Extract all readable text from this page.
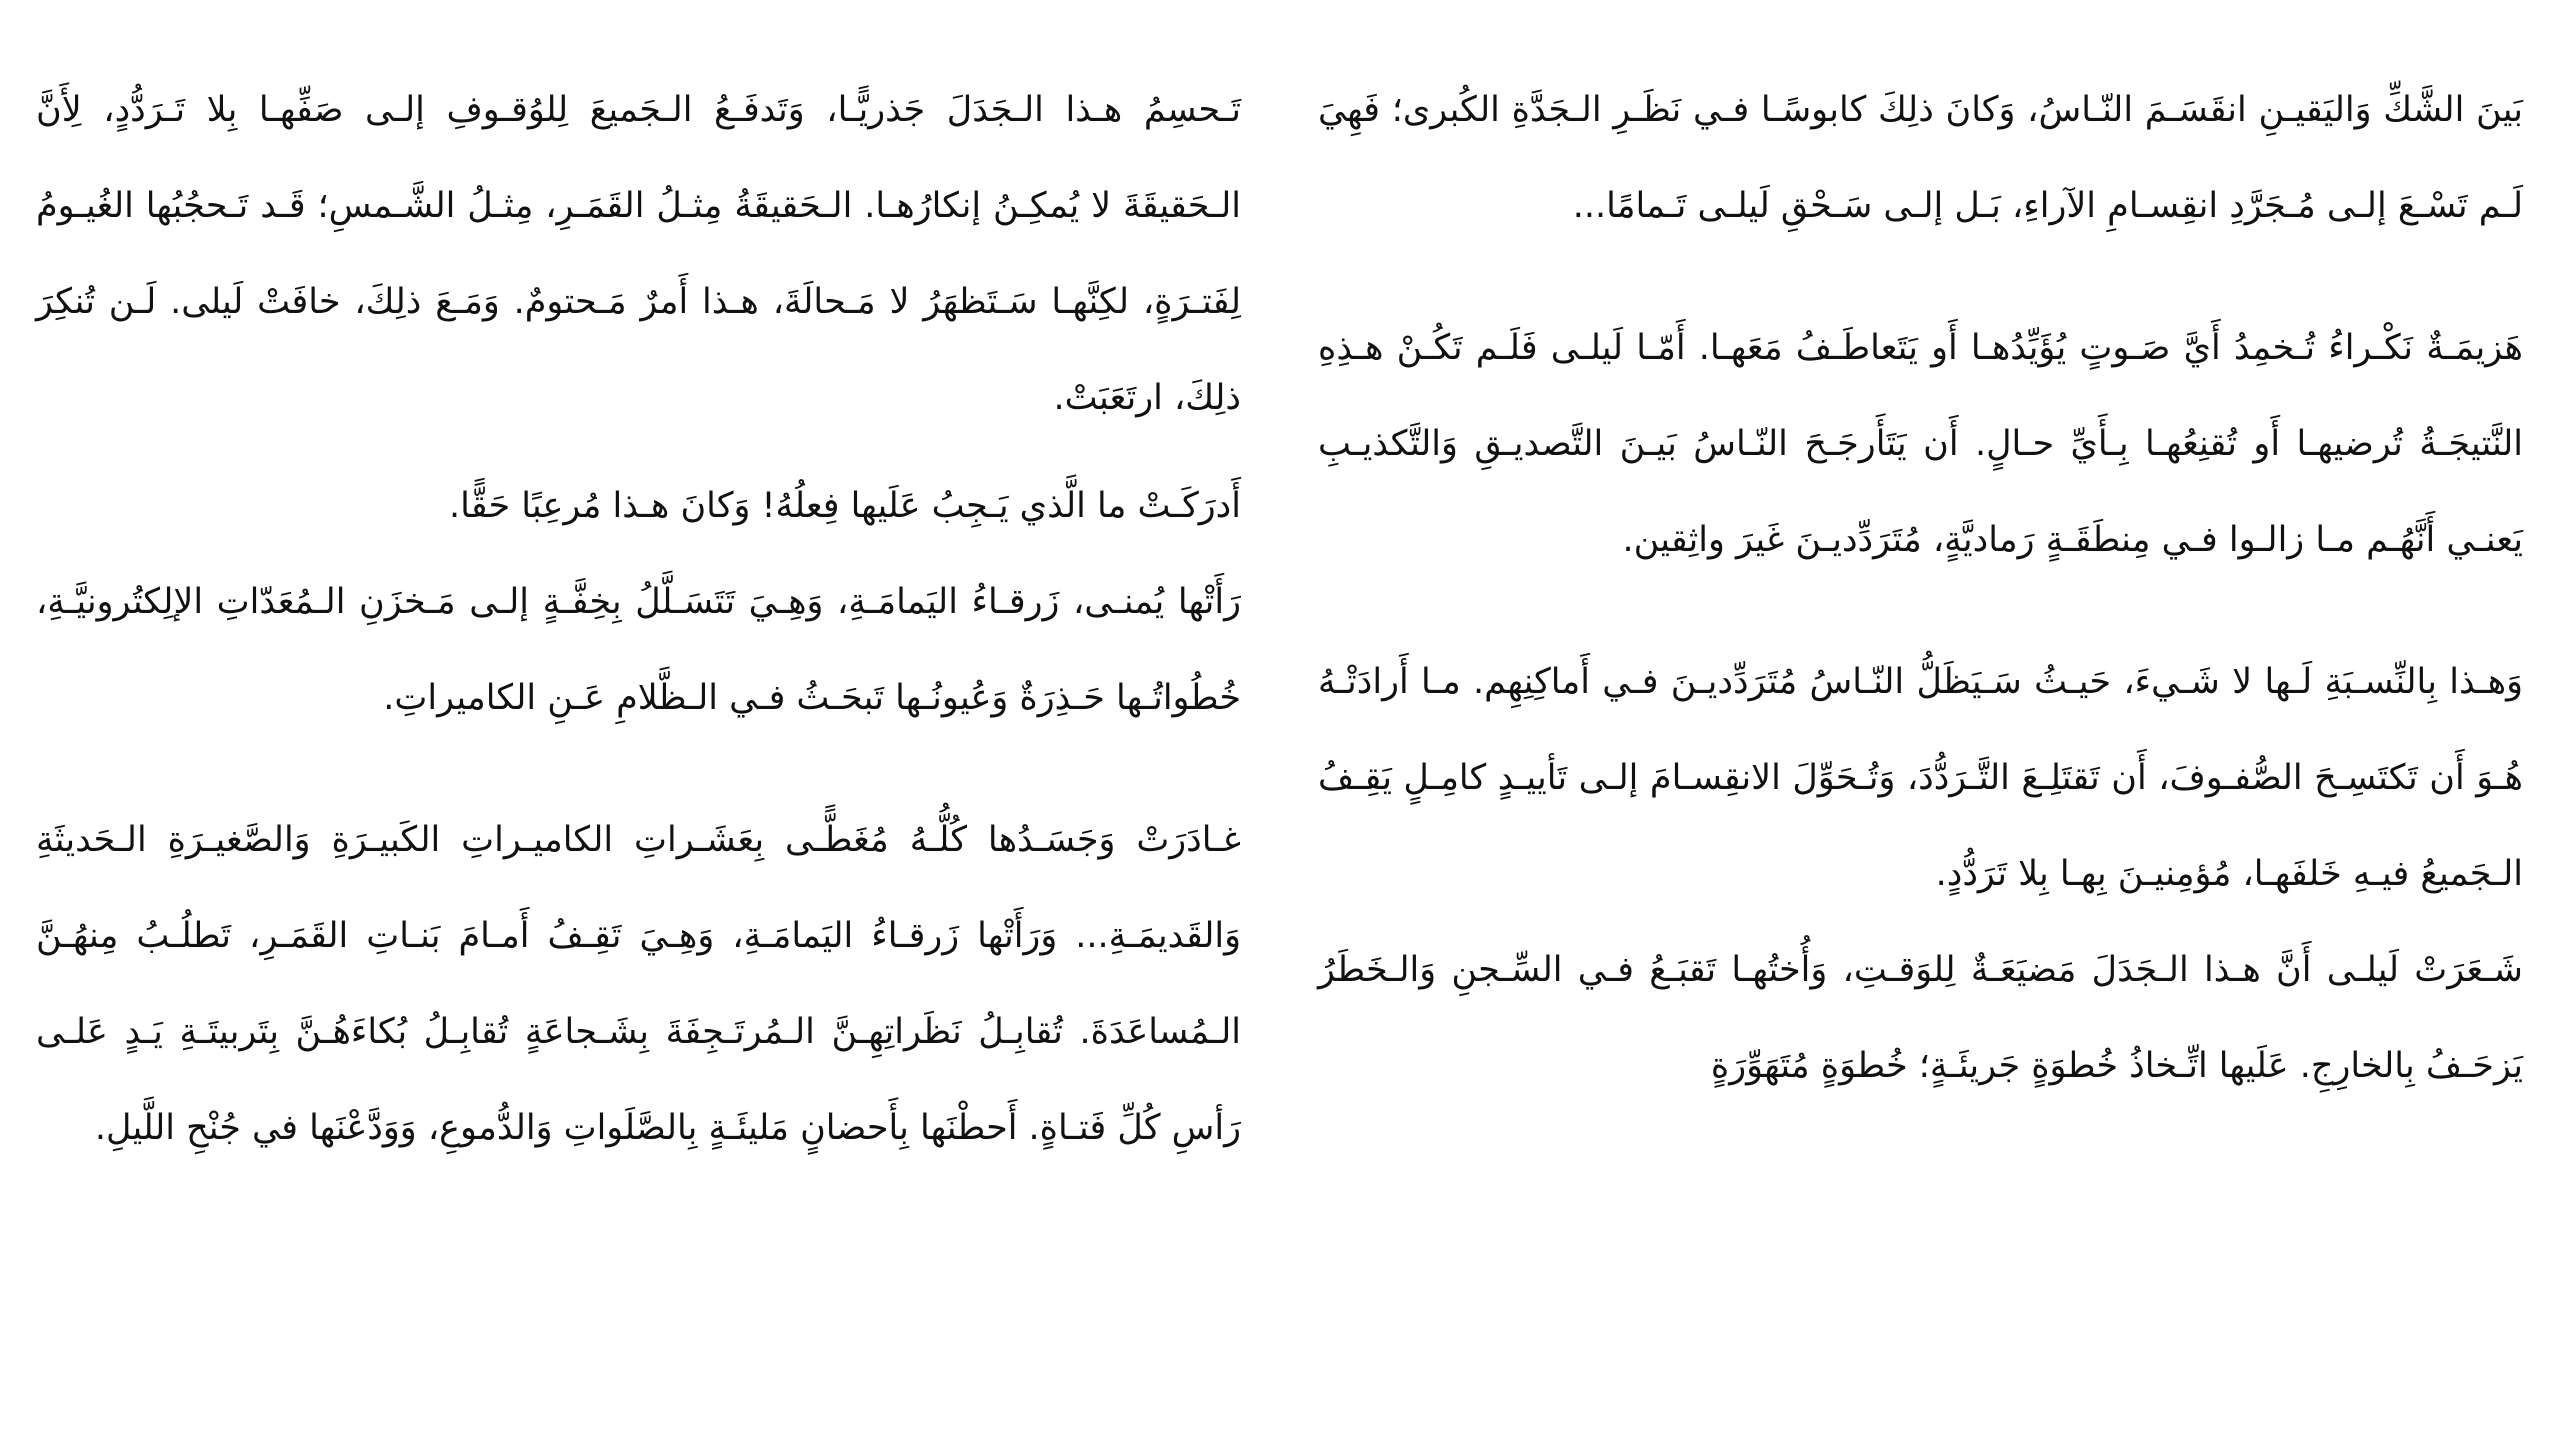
بَينَ الشَّكِّ وَاليَقيـنِ انقَسَـمَ النّـاسُ، وَكانَ ذلِكَ كابوسًـا فـي نَظَـرِ الـجَدَّةِ الكُبرى؛ فَهِيَ لَـم تَسْـعَ إلـى مُـجَرَّدِ انقِسـامِ الآراءِ، بَـل إلـى سَـحْقِ لَيلـى تَـمامًا...

هَزيمَـةٌ نَكْـراءُ تُـخمِدُ أَيَّ صَـوتٍ يُؤَيِّدُهـا أَو يَتَعاطَـفُ مَعَهـا. أَمّـا لَيلـى فَلَـم تَكُـنْ هـذِهِ النَّتيجَـةُ تُرضيهـا أَو تُقنِعُهـا بِـأَيِّ حـالٍ. أَن يَتَأَرجَـحَ النّـاسُ بَيـنَ التَّصديـقِ وَالتَّكذيـبِ يَعنـي أَنَّهُـم مـا زالـوا فـي مِنطَقَـةٍ رَماديَّةٍ، مُتَرَدِّديـنَ غَيرَ واثِقين.

وَهـذا بِالنِّسـبَةِ لَـها لا شَـيءَ، حَيـثُ سَـيَظَلُّ النّـاسُ مُتَرَدِّديـنَ فـي أَماكِنِهِم. مـا أَرادَتْـهُ هُـوَ أَن تَكتَسِـحَ الصُّفـوفَ، أَن تَقتَلِـعَ التَّـرَدُّدَ، وَتُـحَوِّلَ الانقِسـامَ إلـى تَأييـدٍ كامِـلٍ يَقِـفُ الـجَميعُ فيـهِ خَلفَهـا، مُؤمِنيـنَ بِهـا بِلا تَرَدُّدٍ.

شَـعَرَتْ لَيلـى أَنَّ هـذا الـجَدَلَ مَضيَعَـةٌ لِلوَقـتِ، وَأُختُهـا تَقبَـعُ فـي السِّـجنِ وَالـخَطَرُ يَزحَـفُ بِالخارِجِ. عَلَيها اتِّـخاذُ خُطوَةٍ جَريئَـةٍ؛ خُطوَةٍ مُتَهَوِّرَةٍ

تَـحسِمُ هـذا الـجَدَلَ جَذريًّـا، وَتَدفَـعُ الـجَميعَ لِلوُقـوفِ إلـى صَفِّهـا بِلا تَـرَدُّدٍ، لِأَنَّ الـحَقيقَةَ لا يُمكِـنُ إنكارُهـا. الـحَقيقَةُ مِثـلُ القَمَـرِ، مِثـلُ الشَّـمسِ؛ قَـد تَـحجُبُها الغُيـومُ لِفَتـرَةٍ، لكِنَّهـا سَـتَظهَرُ لا مَـحالَةَ، هـذا أَمرٌ مَـحتومٌ. وَمَـعَ ذلِكَ، خافَتْ لَيلى. لَـن تُنكِرَ ذلِكَ، ارتَعَبَتْ.

أَدرَكَـتْ ما الَّذي يَـجِبُ عَلَيها فِعلُهُ! وَكانَ هـذا مُرعِبًا حَقًّا.

رَأَتْها يُمنـى، زَرقـاءُ اليَمامَـةِ، وَهِـيَ تَتَسَـلَّلُ بِخِفَّـةٍ إلـى مَـخزَنِ الـمُعَدّاتِ الإلِكتُرونيَّـةِ، خُطُواتُـها حَـذِرَةٌ وَعُيونُـها تَبحَـثُ فـي الـظَّلامِ عَـنِ الكاميراتِ.

غـادَرَتْ وَجَسَـدُها كُلُّـهُ مُغَطًّـى بِعَشَـراتِ الكاميـراتِ الكَبيـرَةِ وَالصَّغيـرَةِ الـحَديثَةِ وَالقَديمَـةِ... وَرَأَتْها زَرقـاءُ اليَمامَـةِ، وَهِـيَ تَقِـفُ أَمـامَ بَنـاتِ القَمَـرِ، تَطلُـبُ مِنهُـنَّ الـمُساعَدَةَ. تُقابِـلُ نَظَراتِهِـنَّ الـمُرتَـجِفَةَ بِشَـجاعَةٍ تُقابِـلُ بُكاءَهُـنَّ بِتَربيتَـةِ يَـدٍ عَلـى رَأسِ كُلِّ فَتـاةٍ. أَحطْنَها بِأَحضانٍ مَليئَـةٍ بِالصَّلَواتِ وَالدُّموعِ، وَوَدَّعْنَها في جُنْحِ اللَّيلِ.
